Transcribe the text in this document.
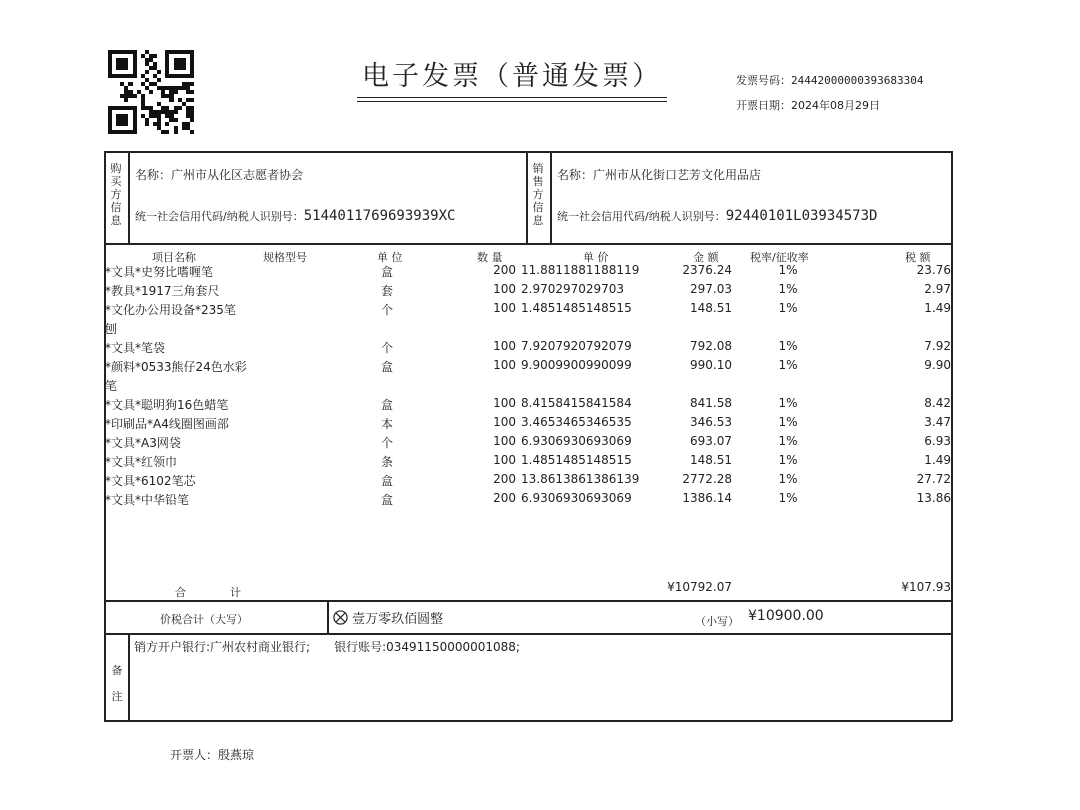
电子发票（普通发票）	发票号码：24442000000393683304
开票日期：2024年08月29日
购买方信息
名称：广州市从化区志愿者协会
统一社会信用代码/纳税人识别号：5144011769693939XC
销售方信息
名称：广州市从化街口艺芳文化用品店
统一社会信用代码/纳税人识别号：92440101L03934573D
项目名称	规格型号	单 位	数 量	单 价	金 额	税率/征收率	税 额
*文具*史努比嗜喱笔	盒	200 11.8811881188119	2376.24	1%	23.76
*教具*1917三角套尺	套	100 2.970297029703	297.03	1%	2.97
*文化办公用设备*235笔
刨
个	100 1.4851485148515	148.51	1%	1.49
*文具*笔袋	个	100 7.9207920792079	792.08	1%	7.92
*颜料*0533熊仔24色水彩
笔
盒	100 9.9009900990099	990.10	1%	9.90
*文具*聪明狗16色蜡笔	盒	100 8.4158415841584	841.58	1%	8.42
*印刷品*A4线圈图画部	本	100 3.4653465346535	346.53	1%	3.47
*文具*A3网袋	个	100 6.9306930693069	693.07	1%	6.93
*文具*红领巾	条	100 1.4851485148515	148.51	1%	1.49
*文具*6102笔芯	盒	200 13.8613861386139	2772.28	1%	27.72
*文具*中华铅笔	盒	200 6.9306930693069	1386.14	1%	13.86
合　　　　计	¥10792.07	¥107.93
价税合计（大写）	壹万零玖佰圆整	（小写） ¥10900.00
备注
销方开户银行:广州农村商业银行;　　银行账号:03491150000001088;
开票人：殷燕琼
